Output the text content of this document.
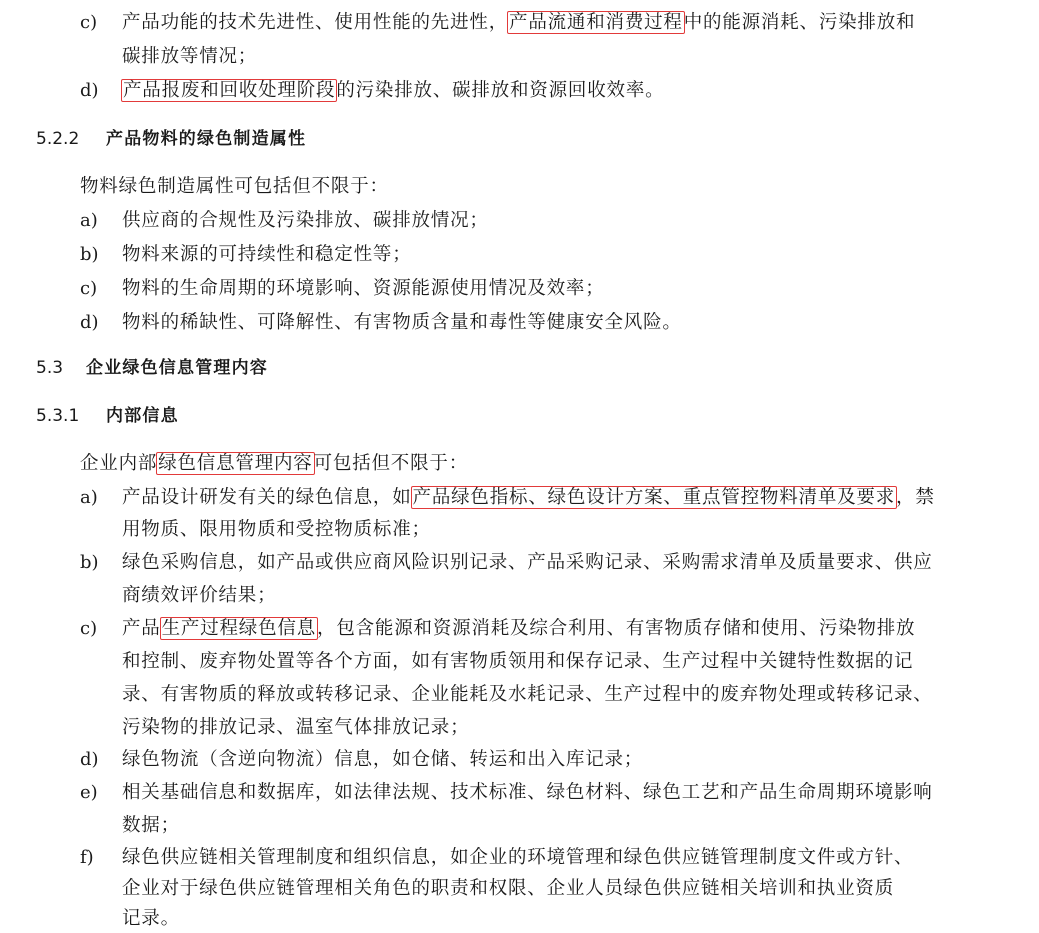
c) 产品功能的技术先进性、使用性能的先进性，产品流通和消费过程中的能源消耗、污染排放和
碳排放等情况；
d) 产品报废和回收处理阶段的污染排放、碳排放和资源回收效率。
5.2.2 产品物料的绿色制造属性
物料绿色制造属性可包括但不限于：
a) 供应商的合规性及污染排放、碳排放情况；
b) 物料来源的可持续性和稳定性等；
c) 物料的生命周期的环境影响、资源能源使用情况及效率；
d) 物料的稀缺性、可降解性、有害物质含量和毒性等健康安全风险。
5.3 企业绿色信息管理内容
5.3.1 内部信息
企业内部绿色信息管理内容可包括但不限于：
a) 产品设计研发有关的绿色信息，如产品绿色指标、绿色设计方案、重点管控物料清单及要求，禁
用物质、限用物质和受控物质标准；
b) 绿色采购信息，如产品或供应商风险识别记录、产品采购记录、采购需求清单及质量要求、供应
商绩效评价结果；
c) 产品生产过程绿色信息，包含能源和资源消耗及综合利用、有害物质存储和使用、污染物排放
和控制、废弃物处置等各个方面，如有害物质领用和保存记录、生产过程中关键特性数据的记
录、有害物质的释放或转移记录、企业能耗及水耗记录、生产过程中的废弃物处理或转移记录、
污染物的排放记录、温室气体排放记录；
d) 绿色物流（含逆向物流）信息，如仓储、转运和出入库记录；
e) 相关基础信息和数据库，如法律法规、技术标准、绿色材料、绿色工艺和产品生命周期环境影响
数据；
f) 绿色供应链相关管理制度和组织信息，如企业的环境管理和绿色供应链管理制度文件或方针、
企业对于绿色供应链管理相关角色的职责和权限、企业人员绿色供应链相关培训和执业资质
记录。
